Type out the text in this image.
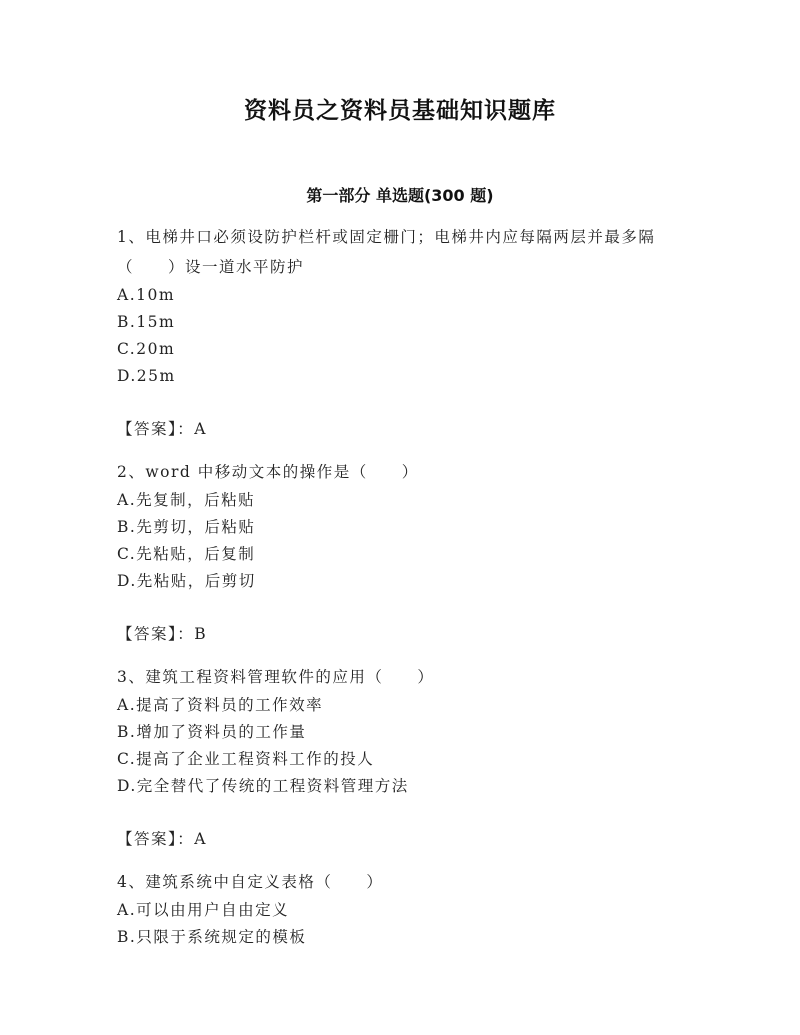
资料员之资料员基础知识题库
第一部分 单选题(300 题)

1、电梯井口必须设防护栏杆或固定栅门；电梯井内应每隔两层并最多隔（　　）设一道水平防护

A.10m

B.15m

C.20m

D.25m

【答案】：A

2、word 中移动文本的操作是（　　）

A.先复制，后粘贴

B.先剪切，后粘贴

C.先粘贴，后复制

D.先粘贴，后剪切

【答案】：B

3、建筑工程资料管理软件的应用（　　）

A.提高了资料员的工作效率

B.增加了资料员的工作量

C.提高了企业工程资料工作的投人

D.完全替代了传统的工程资料管理方法

【答案】：A

4、建筑系统中自定义表格（　　）

A.可以由用户自由定义

B.只限于系统规定的模板
